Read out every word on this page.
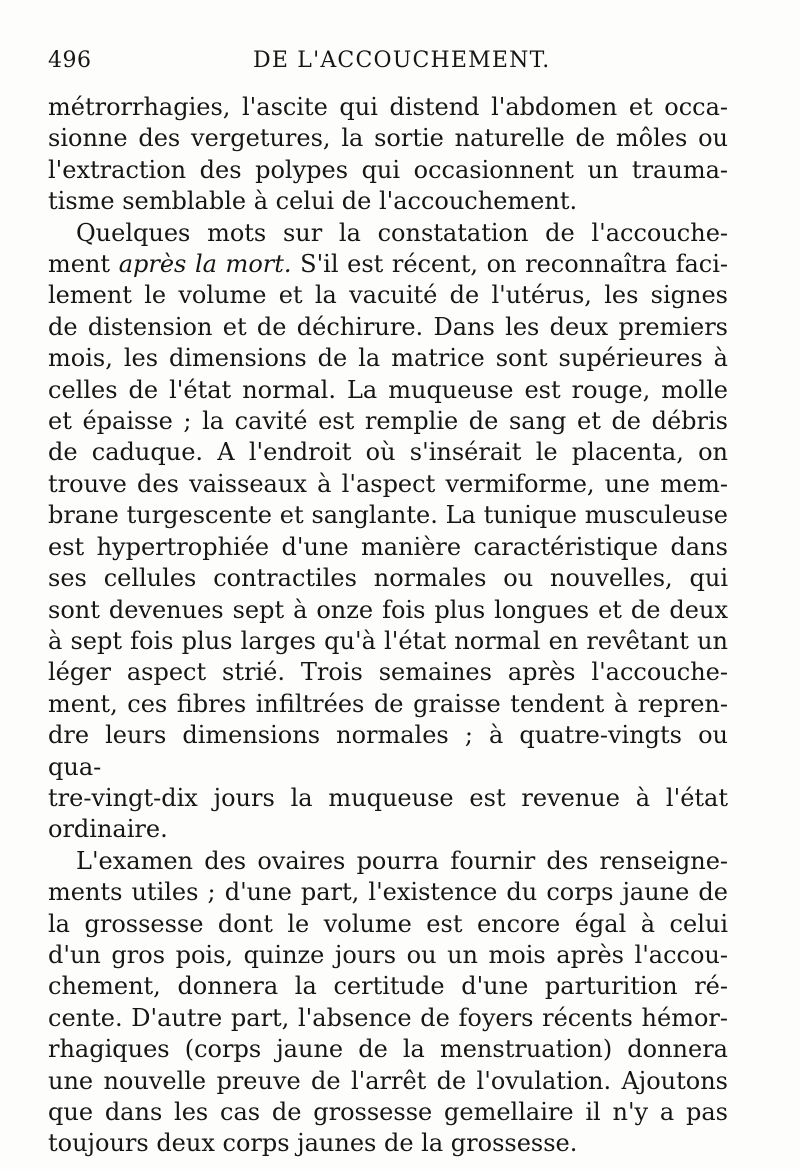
496	DE L'ACCOUCHEMENT.
métrorrhagies, l'ascite qui distend l'abdomen et occa-
sionne des vergetures, la sortie naturelle de môles ou
l'extraction des polypes qui occasionnent un trauma-
tisme semblable à celui de l'accouchement.
Quelques mots sur la constatation de l'accouche-
ment après la mort. S'il est récent, on reconnaîtra faci-
lement le volume et la vacuité de l'utérus, les signes
de distension et de déchirure. Dans les deux premiers
mois, les dimensions de la matrice sont supérieures à
celles de l'état normal. La muqueuse est rouge, molle
et épaisse ; la cavité est remplie de sang et de débris
de caduque. A l'endroit où s'insérait le placenta, on
trouve des vaisseaux à l'aspect vermiforme, une mem-
brane turgescente et sanglante. La tunique musculeuse
est hypertrophiée d'une manière caractéristique dans
ses cellules contractiles normales ou nouvelles, qui
sont devenues sept à onze fois plus longues et de deux
à sept fois plus larges qu'à l'état normal en revêtant un
léger aspect strié. Trois semaines après l'accouche-
ment, ces fibres infiltrées de graisse tendent à repren-
dre leurs dimensions normales ; à quatre-vingts ou qua-
tre-vingt-dix jours la muqueuse est revenue à l'état
ordinaire.
L'examen des ovaires pourra fournir des renseigne-
ments utiles ; d'une part, l'existence du corps jaune de
la grossesse dont le volume est encore égal à celui
d'un gros pois, quinze jours ou un mois après l'accou-
chement, donnera la certitude d'une parturition ré-
cente. D'autre part, l'absence de foyers récents hémor-
rhagiques (corps jaune de la menstruation) donnera
une nouvelle preuve de l'arrêt de l'ovulation. Ajoutons
que dans les cas de grossesse gemellaire il n'y a pas
toujours deux corps jaunes de la grossesse.
